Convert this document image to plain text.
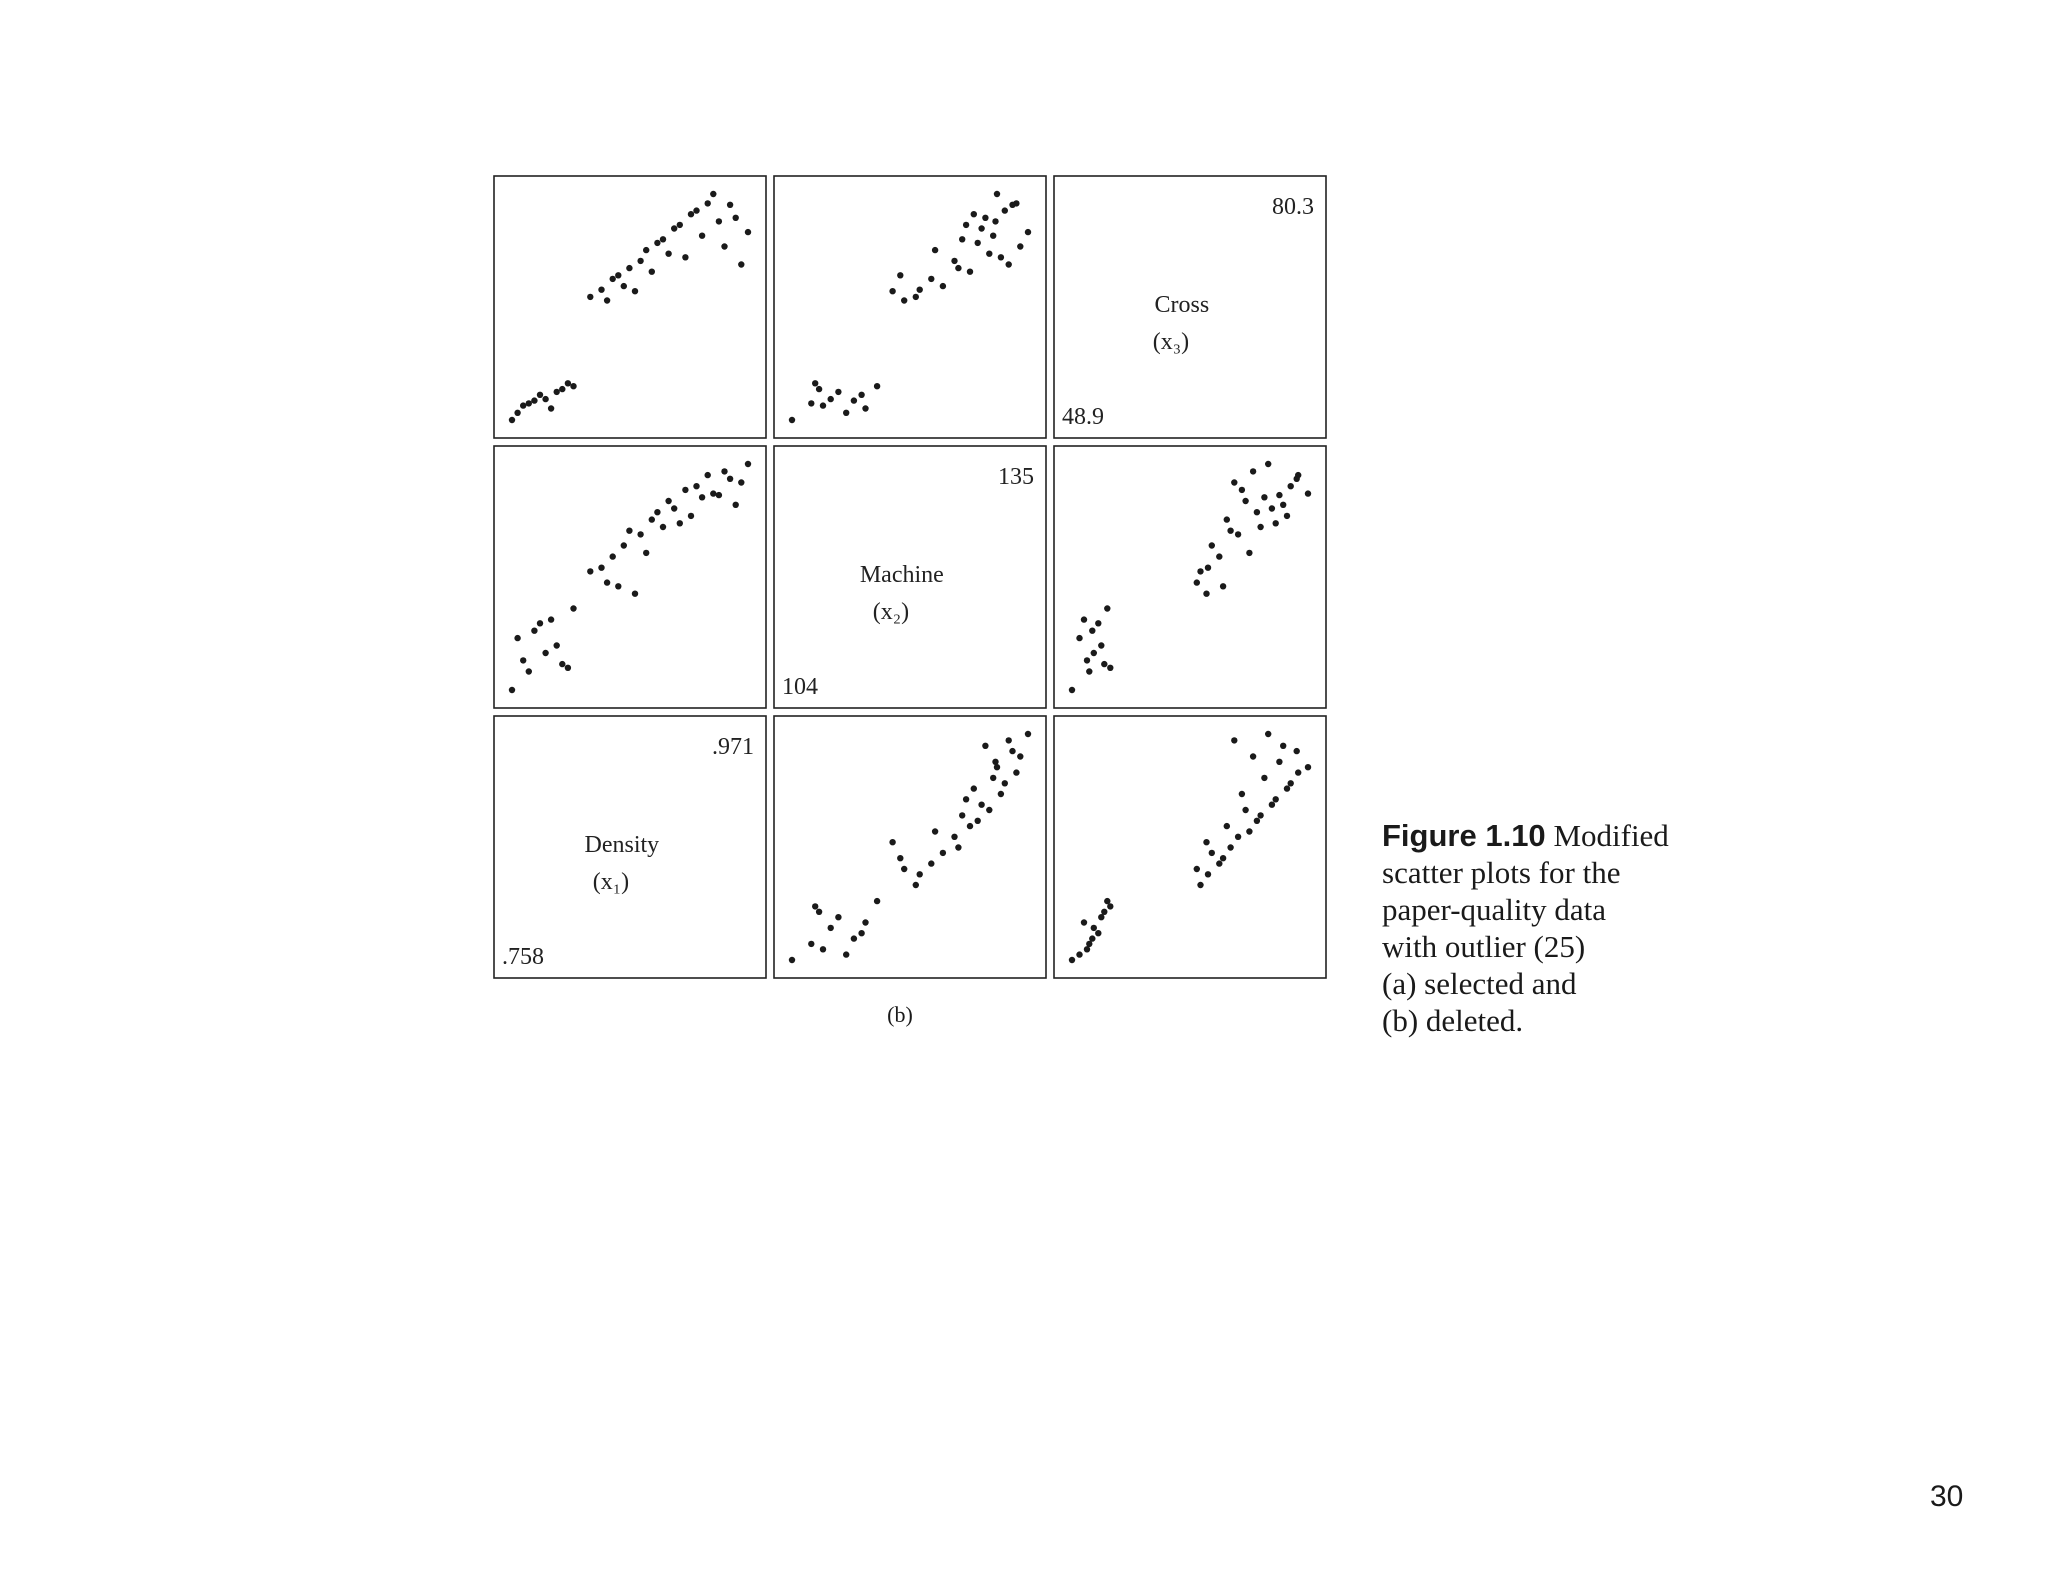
Cross
(x₃)
80.3
48.9
Machine
(x₂)
135
104
Density
(x₁)
.971
.758
(b)
Figure 1.10 Modified
scatter plots for the
paper-quality data
with outlier (25)
(a) selected and
(b) deleted.
30
